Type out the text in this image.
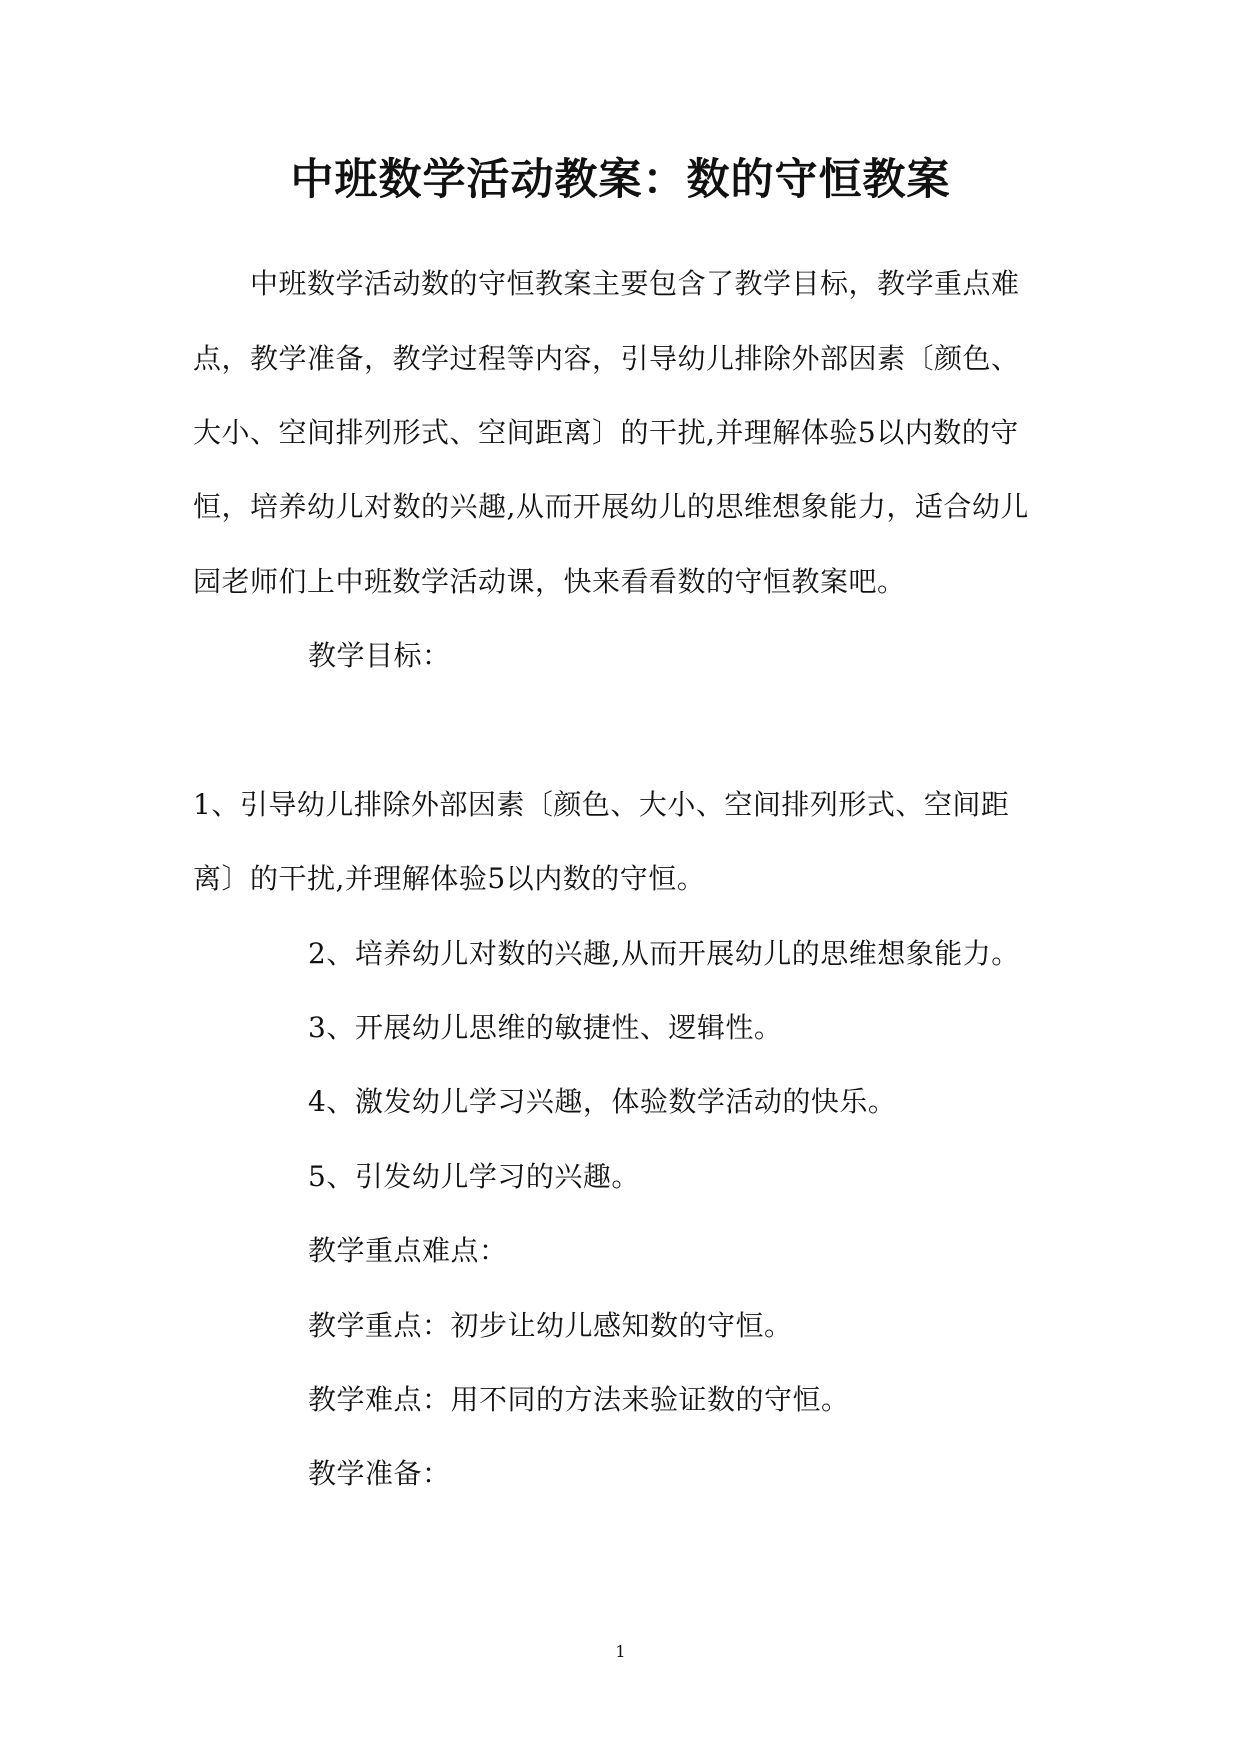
中班数学活动教案：数的守恒教案
中班数学活动数的守恒教案主要包含了教学目标，教学重点难
点，教学准备，教学过程等内容，引导幼儿排除外部因素〔颜色、
大小、空间排列形式、空间距离〕的干扰,并理解体验5以内数的守
恒，培养幼儿对数的兴趣,从而开展幼儿的思维想象能力，适合幼儿
园老师们上中班数学活动课，快来看看数的守恒教案吧。
教学目标：
1、引导幼儿排除外部因素〔颜色、大小、空间排列形式、空间距
离〕的干扰,并理解体验5以内数的守恒。
2、培养幼儿对数的兴趣,从而开展幼儿的思维想象能力。
3、开展幼儿思维的敏捷性、逻辑性。
4、激发幼儿学习兴趣，体验数学活动的快乐。
5、引发幼儿学习的兴趣。
教学重点难点：
教学重点：初步让幼儿感知数的守恒。
教学难点：用不同的方法来验证数的守恒。
教学准备：
1
